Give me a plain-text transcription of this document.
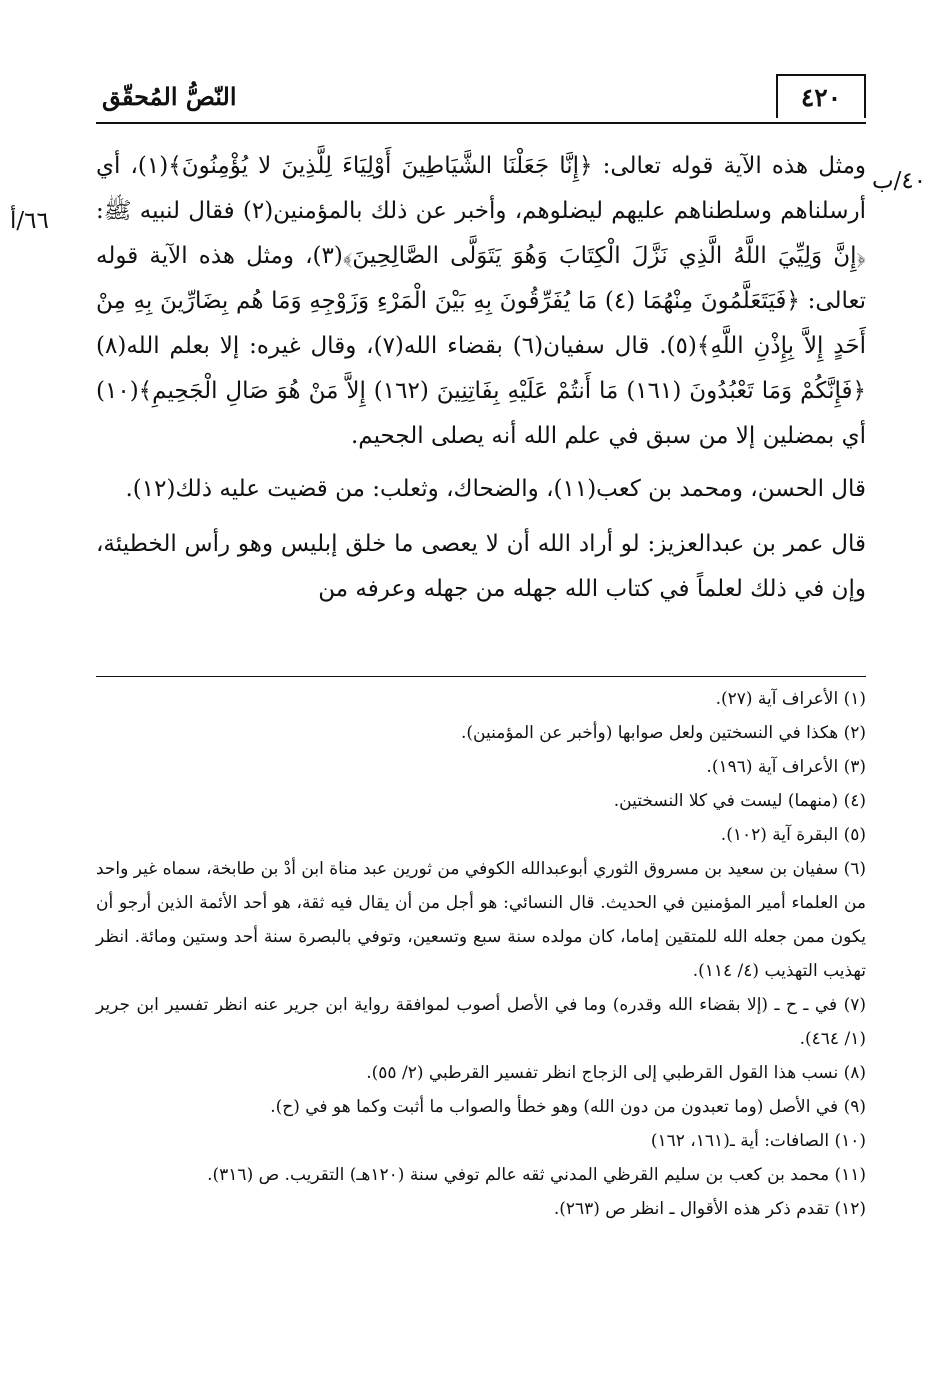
٤٢٠
النّصُّ المُحقّق
٦٦/أ
٤٠/ب

ومثل هذه الآية قوله تعالى: ﴿إِنَّا جَعَلْنَا الشَّيَاطِينَ أَوْلِيَاءَ لِلَّذِينَ لا يُؤْمِنُونَ﴾(١)، أي أرسلناهم وسلطناهم عليهم ليضلوهم، وأخبر عن ذلك بالمؤمنين(٢) فقال لنبيه ﷺ: ﴿إِنَّ وَلِيِّيَ اللَّهُ الَّذِي نَزَّلَ الْكِتَابَ وَهُوَ يَتَوَلَّى الصَّالِحِينَ﴾(٣)، ومثل هذه الآية قوله تعالى: ﴿فَيَتَعَلَّمُونَ مِنْهُمَا (٤) مَا يُفَرِّقُونَ بِهِ بَيْنَ الْمَرْءِ وَزَوْجِهِ وَمَا هُم بِضَارِّينَ بِهِ مِنْ أَحَدٍ إِلاَّ بِإِذْنِ اللَّهِ﴾(٥). قال سفيان(٦) بقضاء الله(٧)، وقال غيره: إلا بعلم الله(٨) ﴿فَإِنَّكُمْ وَمَا تَعْبُدُونَ (١٦١) مَا أَنتُمْ عَلَيْهِ بِفَاتِنِينَ (١٦٢) إِلاَّ مَنْ هُوَ صَالِ الْجَحِيمِ﴾(١٠) أي بمضلين إلا من سبق في علم الله أنه يصلى الجحيم.

قال الحسن، ومحمد بن كعب(١١)، والضحاك، وثعلب: من قضيت عليه ذلك(١٢).

قال عمر بن عبدالعزيز: لو أراد الله أن لا يعصى ما خلق إبليس وهو رأس الخطيئة، وإن في ذلك لعلماً في كتاب الله جهله من جهله وعرفه من

(١) الأعراف آية (٢٧).

(٢) هكذا في النسختين ولعل صوابها (وأخبر عن المؤمنين).

(٣) الأعراف آية (١٩٦).

(٤) (منهما) ليست في كلا النسختين.

(٥) البقرة آية (١٠٢).

(٦) سفيان بن سعيد بن مسروق الثوري أبوعبدالله الكوفي من ثورين عبد مناة ابن أدْ بن طابخة، سماه غير واحد من العلماء أمير المؤمنين في الحديث. قال النسائي: هو أجل من أن يقال فيه ثقة، هو أحد الأئمة الذين أرجو أن يكون ممن جعله الله للمتقين إماما، كان مولده سنة سبع وتسعين، وتوفي بالبصرة سنة أحد وستين ومائة. انظر تهذيب التهذيب (٤/ ١١٤).

(٧) في ـ ح ـ (إلا بقضاء الله وقدره) وما في الأصل أصوب لموافقة رواية ابن جرير عنه انظر تفسير ابن جرير (١/ ٤٦٤).

(٨) نسب هذا القول القرطبي إلى الزجاج انظر تفسير القرطبي (٢/ ٥٥).

(٩) في الأصل (وما تعبدون من دون الله) وهو خطأ والصواب ما أثبت وكما هو في (ح).

(١٠) الصافات: أية ـ(١٦١، ١٦٢)

(١١) محمد بن كعب بن سليم القرظي المدني ثقه عالم توفي سنة (١٢٠هـ) التقريب. ص (٣١٦).

(١٢) تقدم ذكر هذه الأقوال ـ انظر ص (٢٦٣).
